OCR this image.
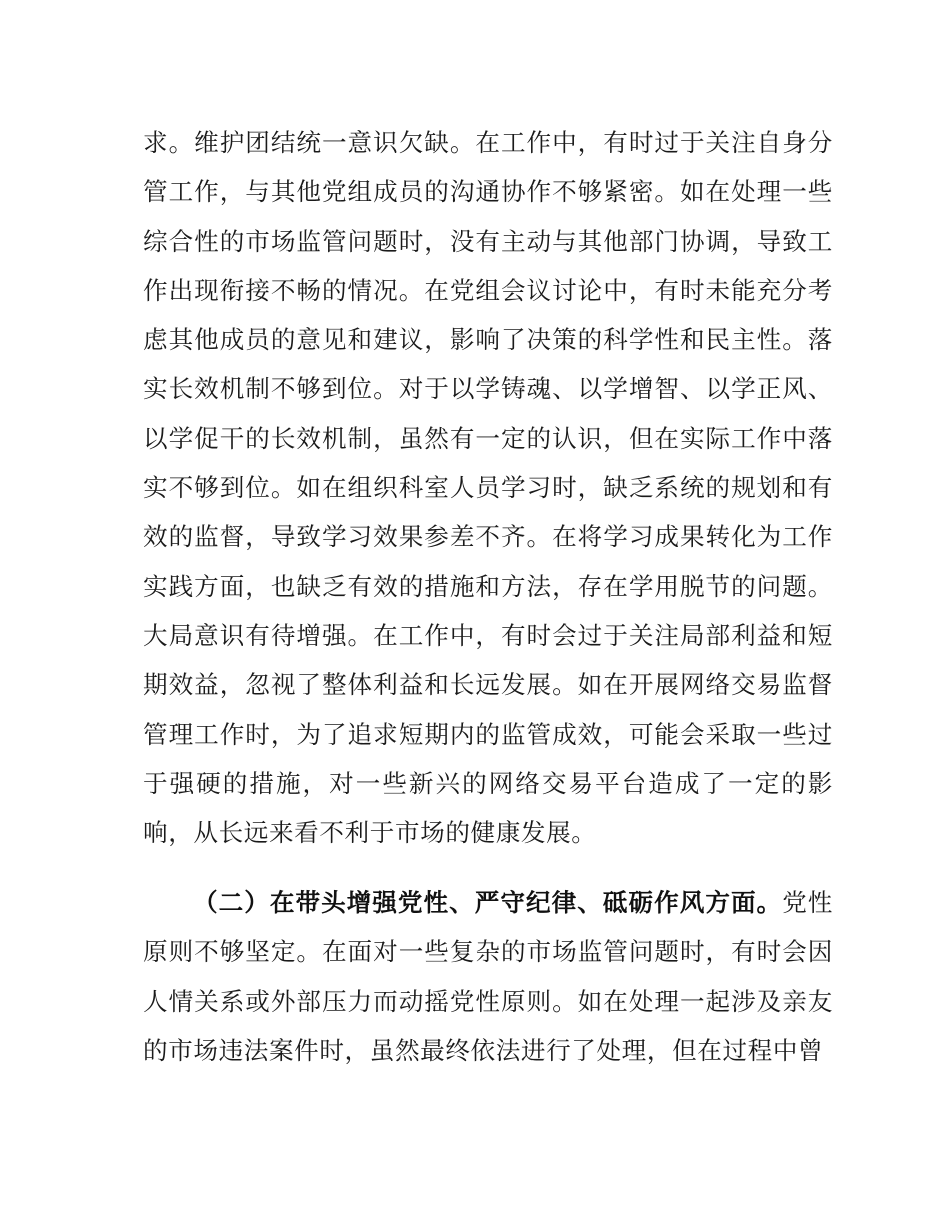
求。维护团结统一意识欠缺。在工作中，有时过于关注自身分管工作，与其他党组成员的沟通协作不够紧密。如在处理一些综合性的市场监管问题时，没有主动与其他部门协调，导致工作出现衔接不畅的情况。在党组会议讨论中，有时未能充分考虑其他成员的意见和建议，影响了决策的科学性和民主性。落实长效机制不够到位。对于以学铸魂、以学增智、以学正风、以学促干的长效机制，虽然有一定的认识，但在实际工作中落实不够到位。如在组织科室人员学习时，缺乏系统的规划和有效的监督，导致学习效果参差不齐。在将学习成果转化为工作实践方面，也缺乏有效的措施和方法，存在学用脱节的问题。大局意识有待增强。在工作中，有时会过于关注局部利益和短期效益，忽视了整体利益和长远发展。如在开展网络交易监督管理工作时，为了追求短期内的监管成效，可能会采取一些过于强硬的措施，对一些新兴的网络交易平台造成了一定的影响，从长远来看不利于市场的健康发展。

（二）在带头增强党性、严守纪律、砥砺作风方面。党性原则不够坚定。在面对一些复杂的市场监管问题时，有时会因人情关系或外部压力而动摇党性原则。如在处理一起涉及亲友的市场违法案件时，虽然最终依法进行了处理，但在过程中曾
